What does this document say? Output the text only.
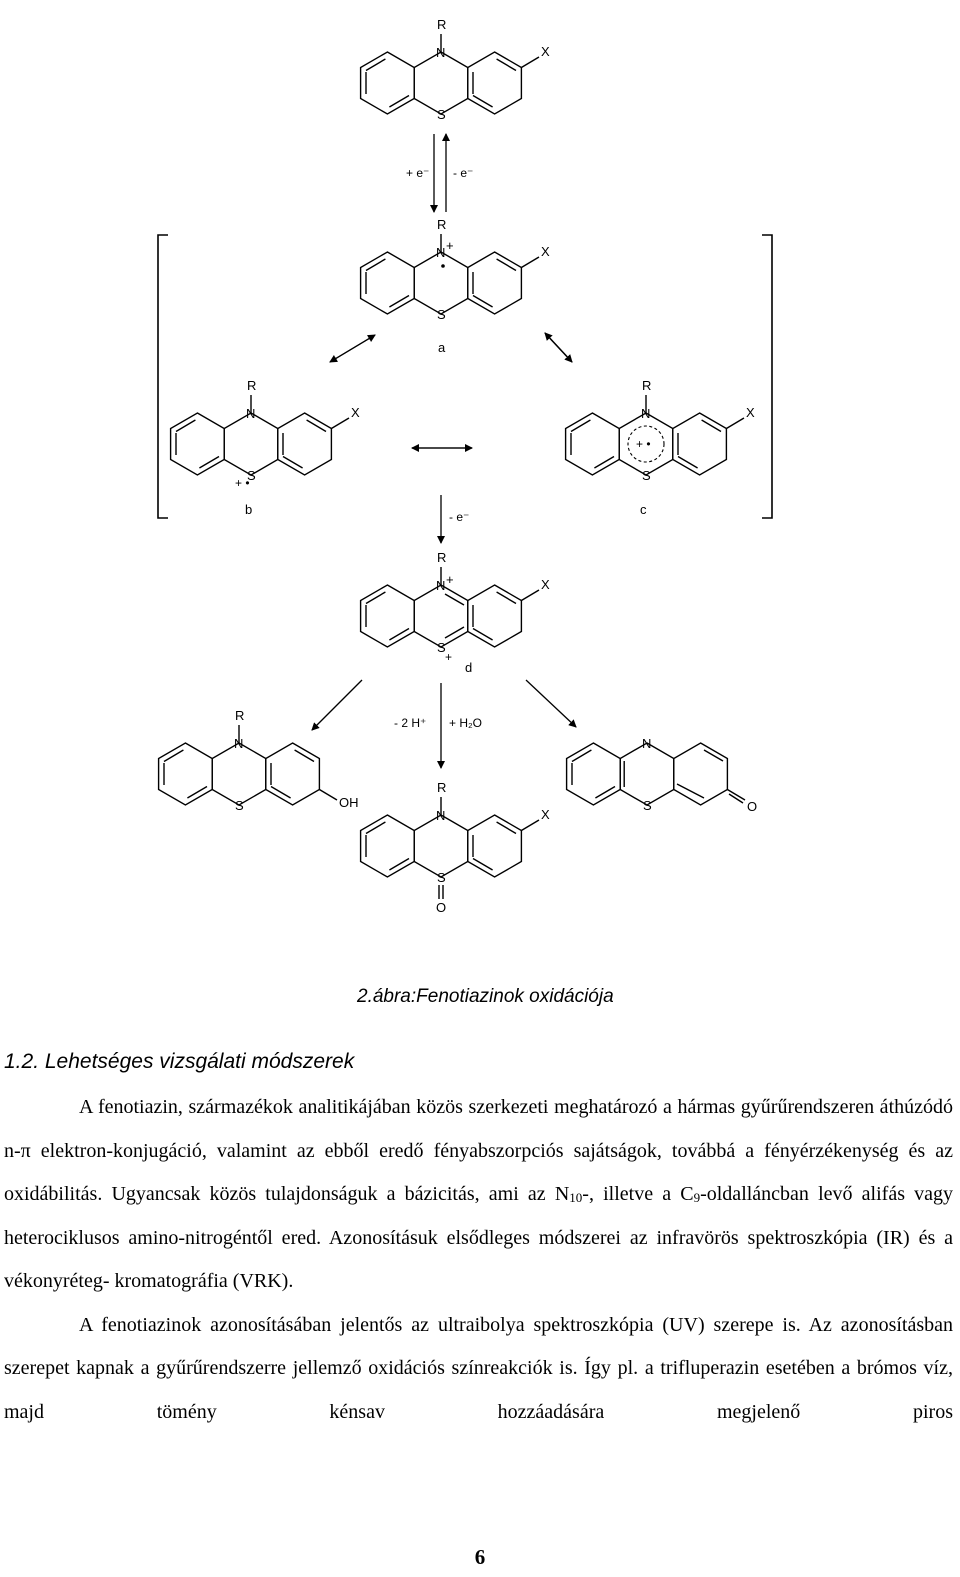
R
N
S
X
+ e⁻ - e⁻
R
N +
S
X
a
R
N
S
+ •
X
b
R
N
+ •
S
X
c
- e⁻
R
N +
S
+
X
d
- 2 H⁺ + H₂O
R
N
S	OH
R
N
S
O
X
N
S	O
2.ábra:Fenotiazinok oxidációja
1.2. Lehetséges vizsgálati módszerek

A fenotiazin, származékok analitikájában közös szerkezeti meghatározó a hármas gyűrűrendszeren áthúzódó n-π elektron-konjugáció, valamint az ebből eredő fényabszorpciós sajátságok, továbbá a fényérzékenység és az oxidábilitás. Ugyancsak közös tulajdonságuk a bázicitás, ami az $N_{10}-$, illetve a $C_9$-oldalláncban levő alifás vagy heterociklusos amino-nitrogéntől ered. Azonosításuk elsődleges módszerei az infravörös spektroszkópia (IR) és a vékonyréteg- kromatográfia (VRK).

A fenotiazinok azonosításában jelentős az ultraibolya spektroszkópia (UV) szerepe is. Az azonosításban szerepet kapnak a gyűrűrendszerre jellemző oxidációs színreakciók is. Így pl. a trifluperazin esetében a brómos víz, majd tömény kénsav hozzáadására megjelenő piros

6
